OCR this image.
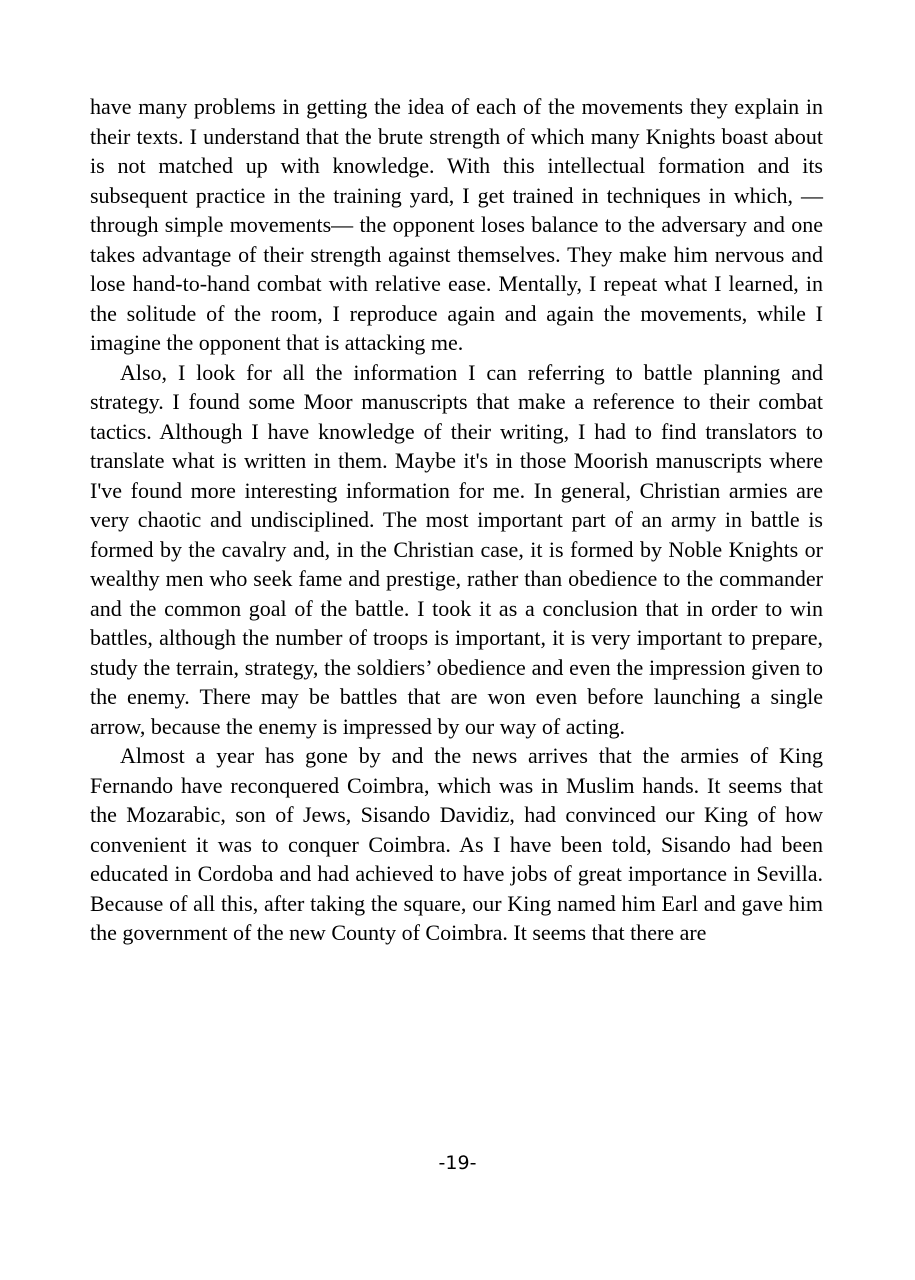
have many problems in getting the idea of each of the movements they explain in their texts. I understand that the brute strength of which many Knights boast about is not matched up with knowledge. With this intellectual formation and its subsequent practice in the training yard, I get trained in techniques in which, —through simple movements— the opponent loses balance to the adversary and one takes advantage of their strength against themselves. They make him nervous and lose hand-to-hand combat with relative ease. Mentally, I repeat what I learned, in the solitude of the room, I reproduce again and again the movements, while I imagine the opponent that is attacking me.

Also, I look for all the information I can referring to battle planning and strategy. I found some Moor manuscripts that make a reference to their combat tactics. Although I have knowledge of their writing, I had to find translators to translate what is written in them. Maybe it's in those Moorish manuscripts where I've found more interesting information for me. In general, Christian armies are very chaotic and undisciplined. The most important part of an army in battle is formed by the cavalry and, in the Christian case, it is formed by Noble Knights or wealthy men who seek fame and prestige, rather than obedience to the commander and the common goal of the battle. I took it as a conclusion that in order to win battles, although the number of troops is important, it is very important to prepare, study the terrain, strategy, the soldiers’ obedience and even the impression given to the enemy. There may be battles that are won even before launching a single arrow, because the enemy is impressed by our way of acting.

Almost a year has gone by and the news arrives that the armies of King Fernando have reconquered Coimbra, which was in Muslim hands. It seems that the Mozarabic, son of Jews, Sisando Davidiz, had convinced our King of how convenient it was to conquer Coimbra. As I have been told, Sisando had been educated in Cordoba and had achieved to have jobs of great importance in Sevilla. Because of all this, after taking the square, our King named him Earl and gave him the government of the new County of Coimbra. It seems that there are

-19-
